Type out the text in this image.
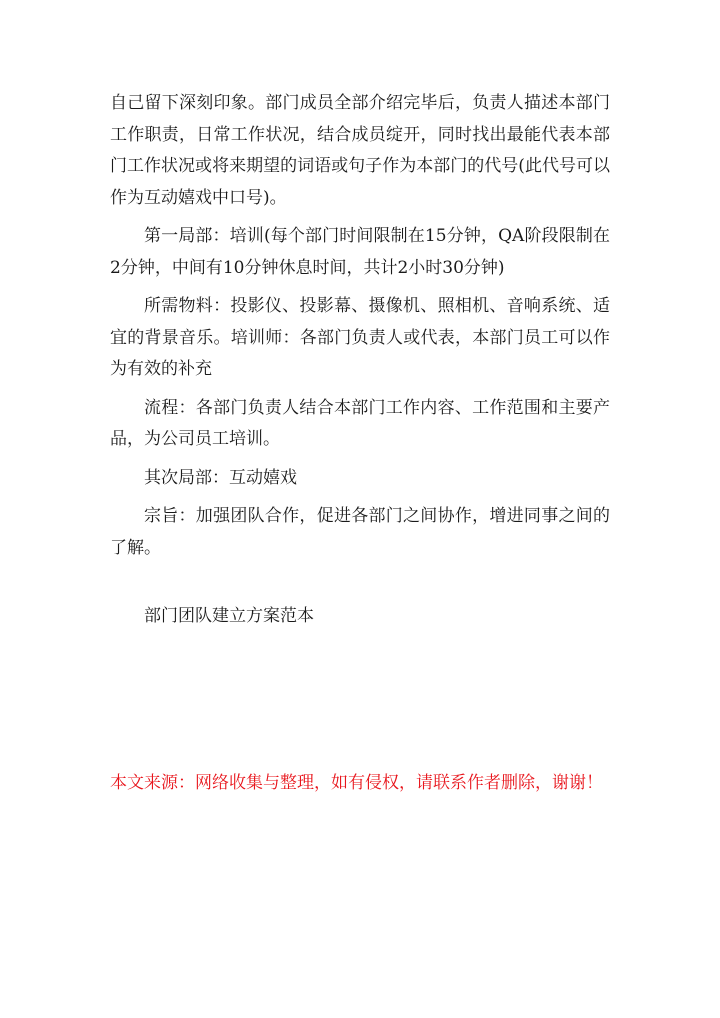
自己留下深刻印象。部门成员全部介绍完毕后，负责人描述本部门工作职责，日常工作状况，结合成员绽开，同时找出最能代表本部门工作状况或将来期望的词语或句子作为本部门的代号(此代号可以作为互动嬉戏中口号)。

第一局部：培训(每个部门时间限制在15分钟，QA阶段限制在2分钟，中间有10分钟休息时间，共计2小时30分钟)

所需物料：投影仪、投影幕、摄像机、照相机、音响系统、适宜的背景音乐。培训师：各部门负责人或代表，本部门员工可以作为有效的补充

流程：各部门负责人结合本部门工作内容、工作范围和主要产品，为公司员工培训。

其次局部：互动嬉戏

宗旨：加强团队合作，促进各部门之间协作，增进同事之间的了解。

部门团队建立方案范本

本文来源：网络收集与整理，如有侵权，请联系作者删除，谢谢！
